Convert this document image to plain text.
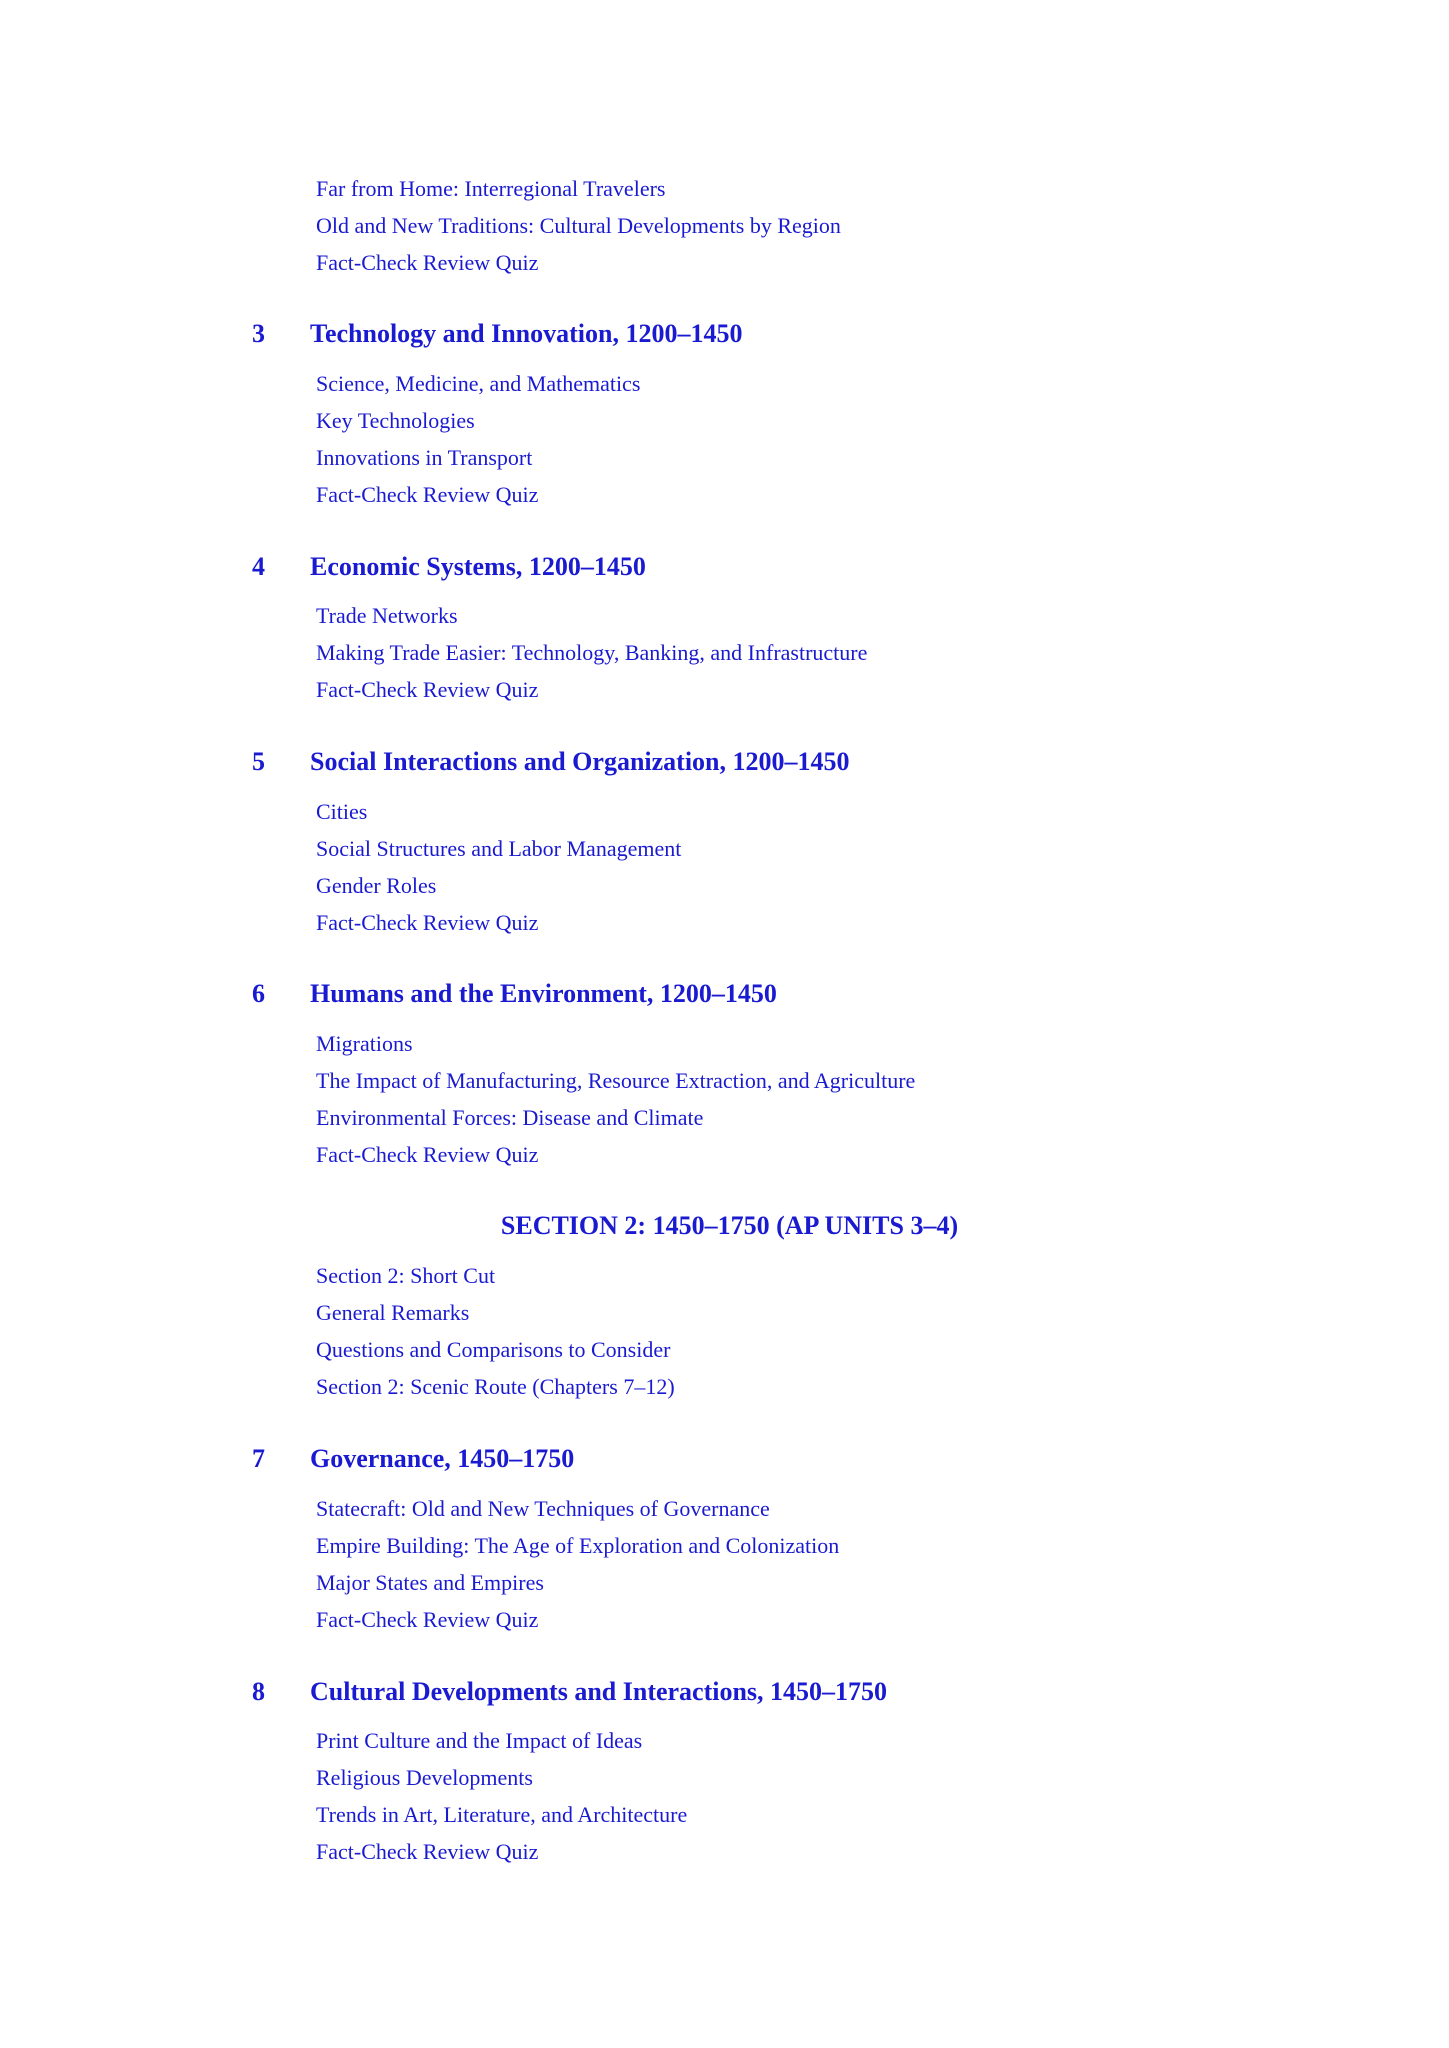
Far from Home: Interregional Travelers
Old and New Traditions: Cultural Developments by Region
Fact-Check Review Quiz
3 Technology and Innovation, 1200–1450
Science, Medicine, and Mathematics
Key Technologies
Innovations in Transport
Fact-Check Review Quiz
4 Economic Systems, 1200–1450
Trade Networks
Making Trade Easier: Technology, Banking, and Infrastructure
Fact-Check Review Quiz
5 Social Interactions and Organization, 1200–1450
Cities
Social Structures and Labor Management
Gender Roles
Fact-Check Review Quiz
6 Humans and the Environment, 1200–1450
Migrations
The Impact of Manufacturing, Resource Extraction, and Agriculture
Environmental Forces: Disease and Climate
Fact-Check Review Quiz
SECTION 2: 1450–1750 (AP UNITS 3–4)
Section 2: Short Cut
General Remarks
Questions and Comparisons to Consider
Section 2: Scenic Route (Chapters 7–12)
7 Governance, 1450–1750
Statecraft: Old and New Techniques of Governance
Empire Building: The Age of Exploration and Colonization
Major States and Empires
Fact-Check Review Quiz
8 Cultural Developments and Interactions, 1450–1750
Print Culture and the Impact of Ideas
Religious Developments
Trends in Art, Literature, and Architecture
Fact-Check Review Quiz
